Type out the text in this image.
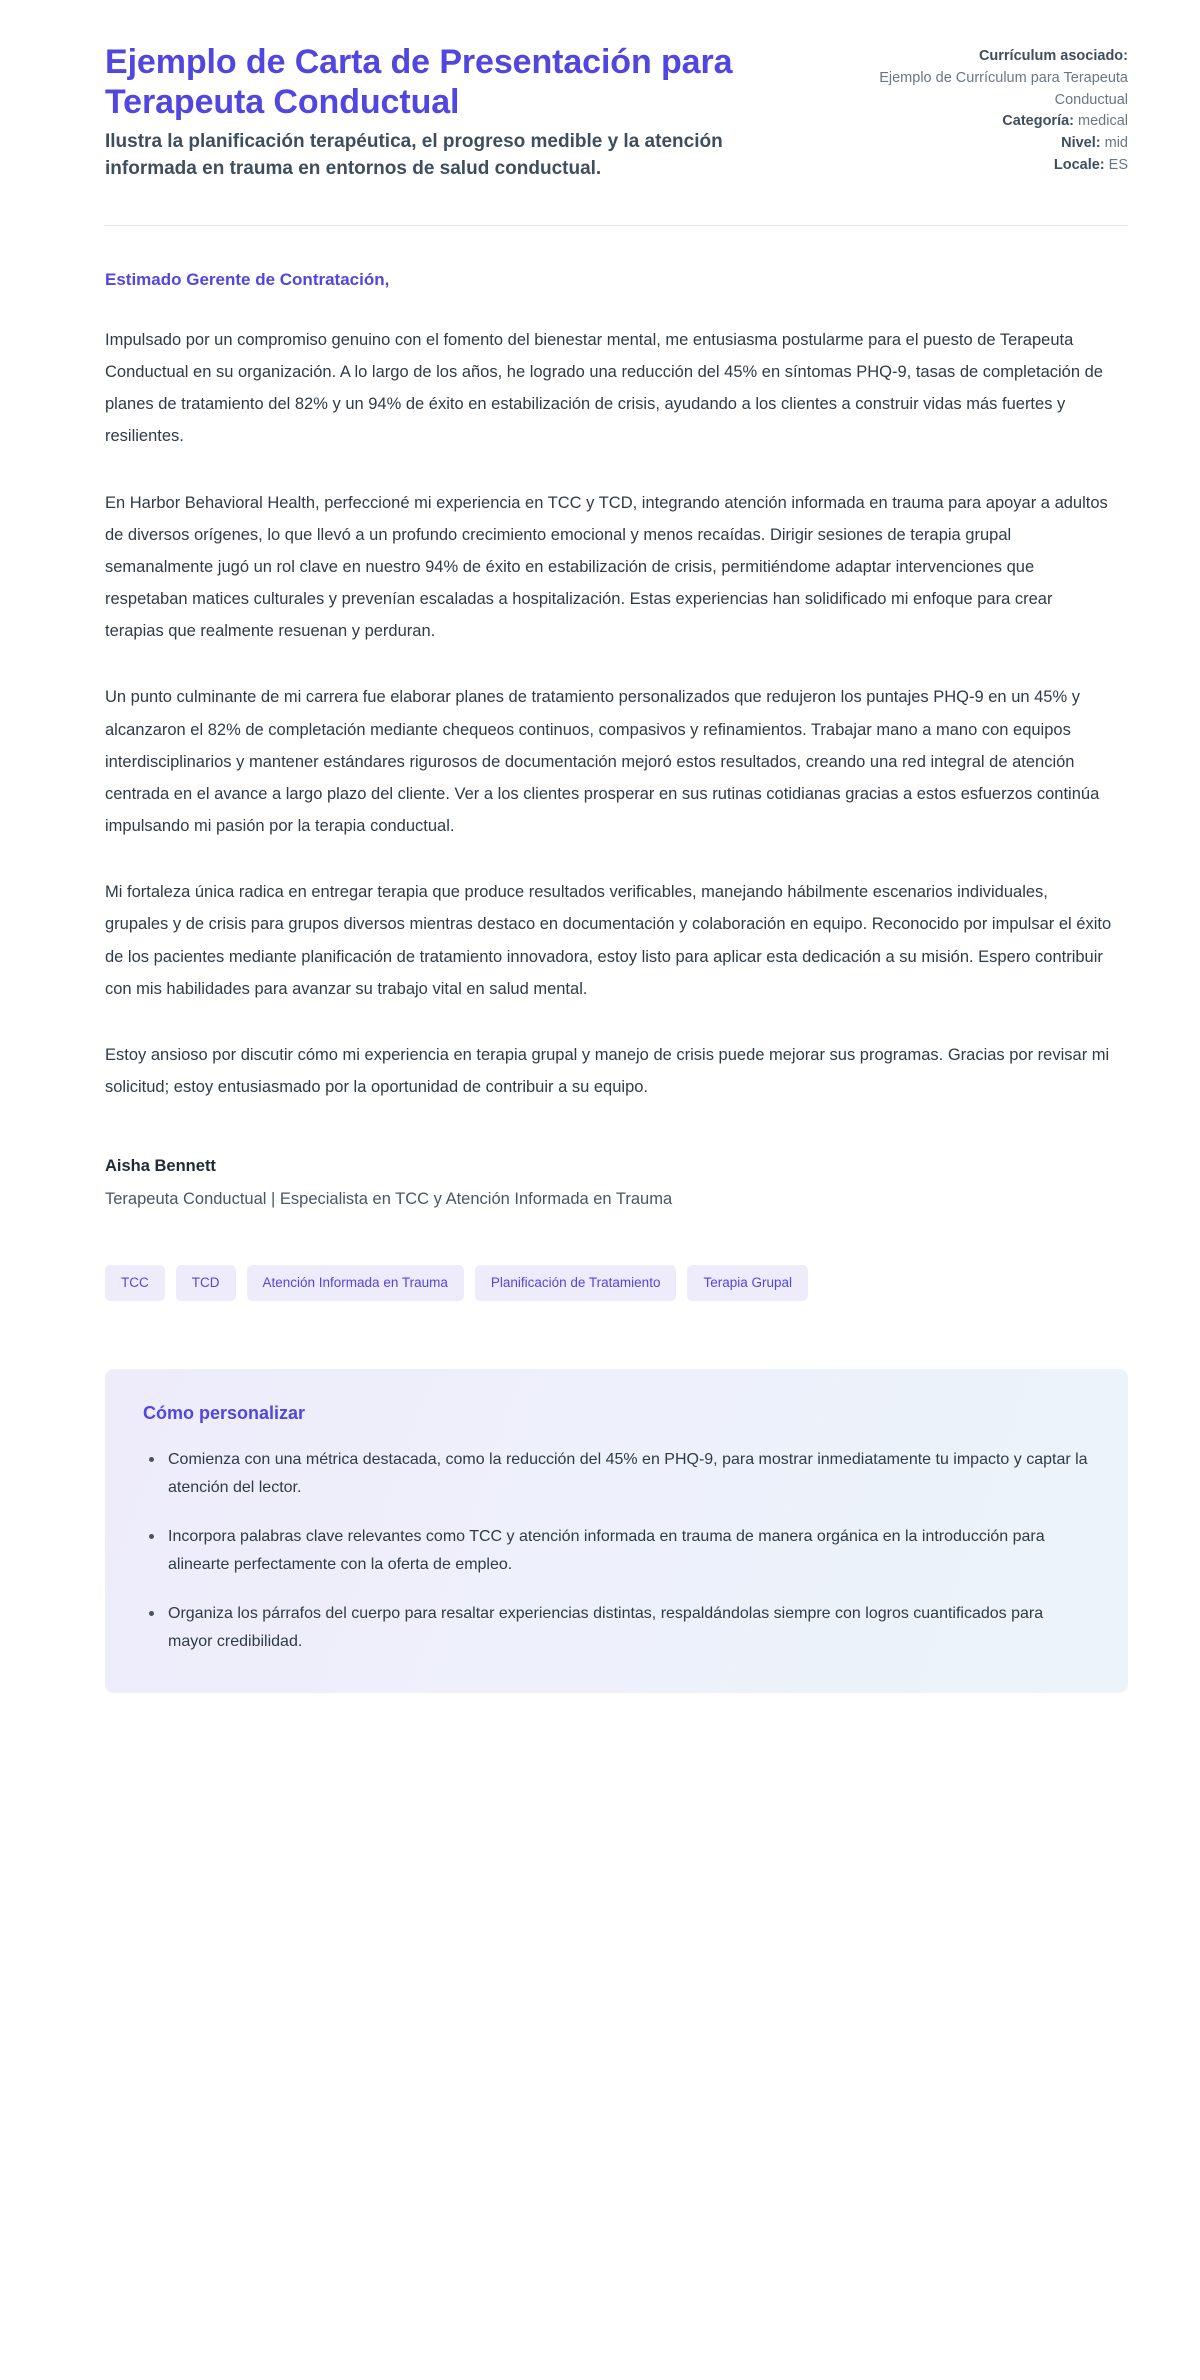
Ejemplo de Carta de Presentación para Terapeuta Conductual

Ilustra la planificación terapéutica, el progreso medible y la atención informada en trauma en entornos de salud conductual.

Currículum asociado:
Ejemplo de Currículum para Terapeuta Conductual
Categoría: medical
Nivel: mid
Locale: ES

Estimado Gerente de Contratación,

Impulsado por un compromiso genuino con el fomento del bienestar mental, me entusiasma postularme para el puesto de Terapeuta Conductual en su organización. A lo largo de los años, he logrado una reducción del 45% en síntomas PHQ-9, tasas de completación de planes de tratamiento del 82% y un 94% de éxito en estabilización de crisis, ayudando a los clientes a construir vidas más fuertes y resilientes.

En Harbor Behavioral Health, perfeccioné mi experiencia en TCC y TCD, integrando atención informada en trauma para apoyar a adultos de diversos orígenes, lo que llevó a un profundo crecimiento emocional y menos recaídas. Dirigir sesiones de terapia grupal semanalmente jugó un rol clave en nuestro 94% de éxito en estabilización de crisis, permitiéndome adaptar intervenciones que respetaban matices culturales y prevenían escaladas a hospitalización. Estas experiencias han solidificado mi enfoque para crear terapias que realmente resuenan y perduran.

Un punto culminante de mi carrera fue elaborar planes de tratamiento personalizados que redujeron los puntajes PHQ-9 en un 45% y alcanzaron el 82% de completación mediante chequeos continuos, compasivos y refinamientos. Trabajar mano a mano con equipos interdisciplinarios y mantener estándares rigurosos de documentación mejoró estos resultados, creando una red integral de atención centrada en el avance a largo plazo del cliente. Ver a los clientes prosperar en sus rutinas cotidianas gracias a estos esfuerzos continúa impulsando mi pasión por la terapia conductual.

Mi fortaleza única radica en entregar terapia que produce resultados verificables, manejando hábilmente escenarios individuales, grupales y de crisis para grupos diversos mientras destaco en documentación y colaboración en equipo. Reconocido por impulsar el éxito de los pacientes mediante planificación de tratamiento innovadora, estoy listo para aplicar esta dedicación a su misión. Espero contribuir con mis habilidades para avanzar su trabajo vital en salud mental.

Estoy ansioso por discutir cómo mi experiencia en terapia grupal y manejo de crisis puede mejorar sus programas. Gracias por revisar mi solicitud; estoy entusiasmado por la oportunidad de contribuir a su equipo.

Aisha Bennett

Terapeuta Conductual | Especialista en TCC y Atención Informada en Trauma

TCC	TCD	Atención Informada en Trauma	Planificación de Tratamiento	Terapia Grupal
Cómo personalizar
Comienza con una métrica destacada, como la reducción del 45% en PHQ-9, para mostrar inmediatamente tu impacto y captar la atención del lector.
Incorpora palabras clave relevantes como TCC y atención informada en trauma de manera orgánica en la introducción para alinearte perfectamente con la oferta de empleo.
Organiza los párrafos del cuerpo para resaltar experiencias distintas, respaldándolas siempre con logros cuantificados para mayor credibilidad.
